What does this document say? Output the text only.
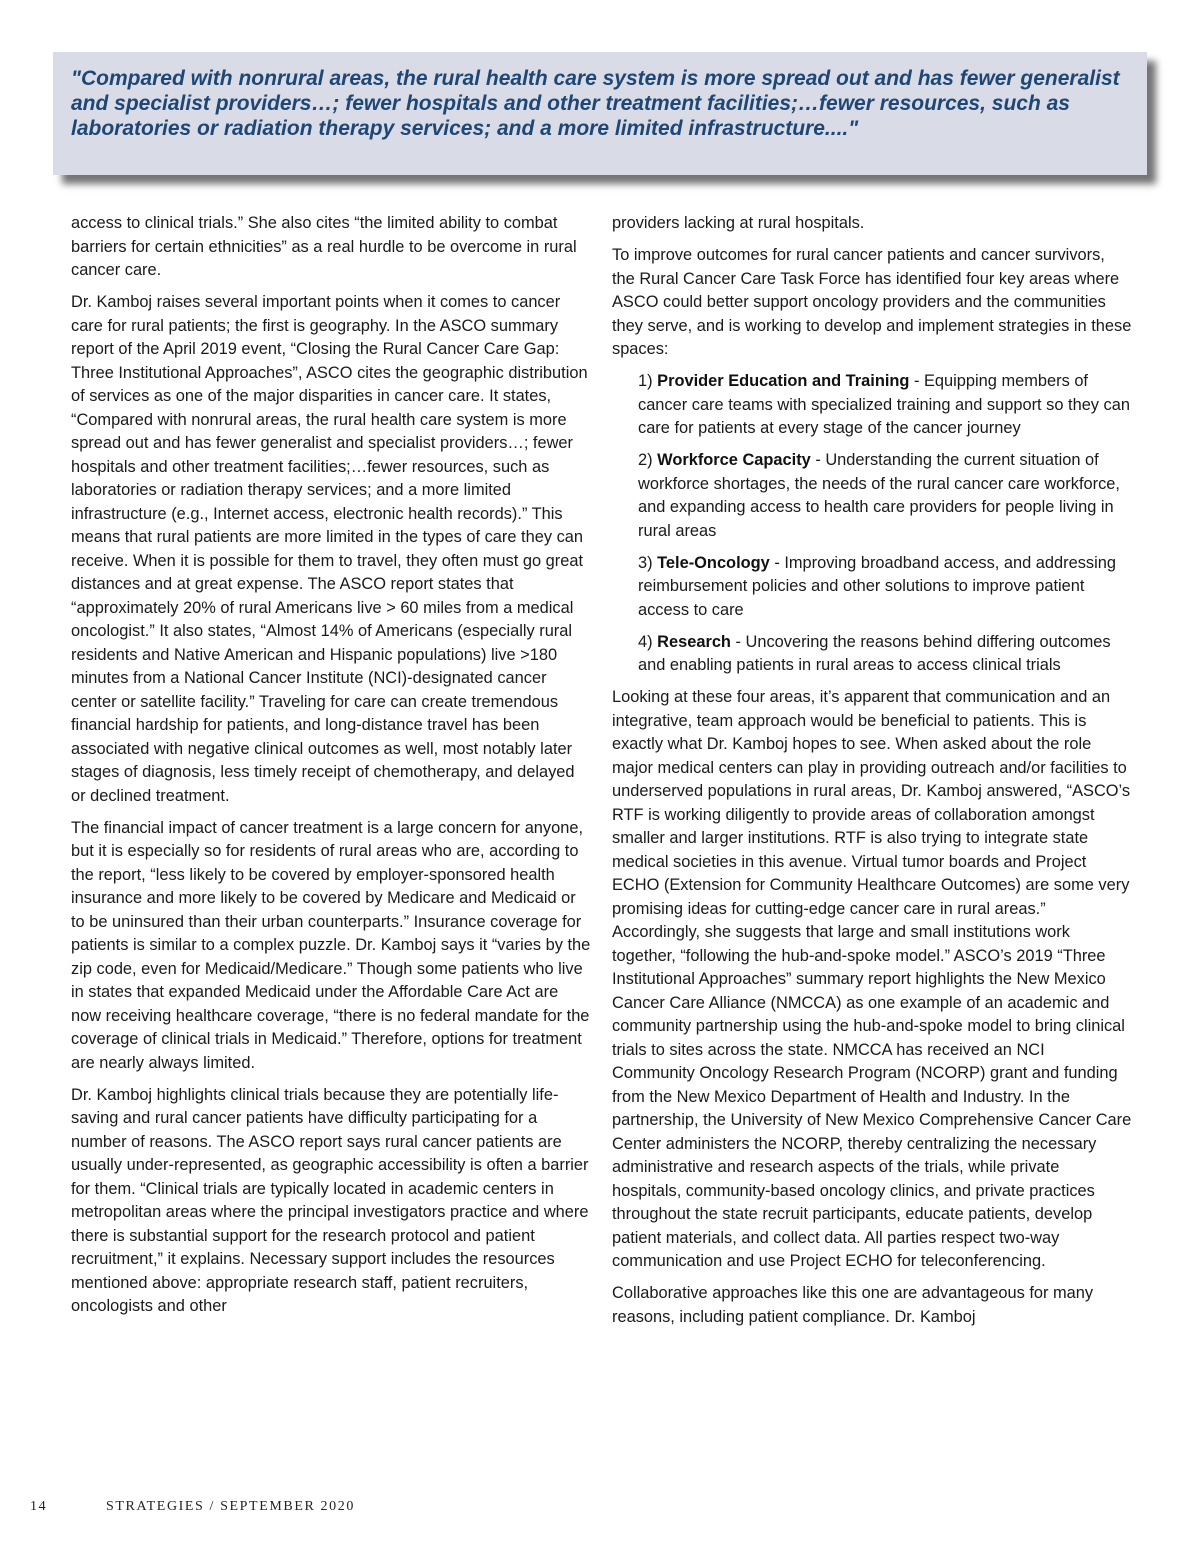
"Compared with nonrural areas, the rural health care system is more spread out and has fewer generalist and specialist providers…; fewer hospitals and other treatment facilities;…fewer resources, such as laboratories or radiation therapy services; and a more limited infrastructure...."

access to clinical trials.” She also cites “the limited ability to combat barriers for certain ethnicities” as a real hurdle to be overcome in rural cancer care.

Dr. Kamboj raises several important points when it comes to cancer care for rural patients; the first is geography. In the ASCO summary report of the April 2019 event, “Closing the Rural Cancer Care Gap: Three Institutional Approaches”, ASCO cites the geographic distribution of services as one of the major disparities in cancer care. It states, “Compared with nonrural areas, the rural health care system is more spread out and has fewer generalist and specialist providers…; fewer hospitals and other treatment facilities;…fewer resources, such as laboratories or radiation therapy services; and a more limited infrastructure (e.g., Internet access, electronic health records).” This means that rural patients are more limited in the types of care they can receive. When it is possible for them to travel, they often must go great distances and at great expense. The ASCO report states that “approximately 20% of rural Americans live > 60 miles from a medical oncologist.” It also states, “Almost 14% of Americans (especially rural residents and Native American and Hispanic populations) live >180 minutes from a National Cancer Institute (NCI)-designated cancer center or satellite facility.” Traveling for care can create tremendous financial hardship for patients, and long-distance travel has been associated with negative clinical outcomes as well, most notably later stages of diagnosis, less timely receipt of chemotherapy, and delayed or declined treatment.

The financial impact of cancer treatment is a large concern for anyone, but it is especially so for residents of rural areas who are, according to the report, “less likely to be covered by employer-sponsored health insurance and more likely to be covered by Medicare and Medicaid or to be uninsured than their urban counterparts.” Insurance coverage for patients is similar to a complex puzzle. Dr. Kamboj says it “varies by the zip code, even for Medicaid/Medicare.” Though some patients who live in states that expanded Medicaid under the Affordable Care Act are now receiving healthcare coverage, “there is no federal mandate for the coverage of clinical trials in Medicaid.” Therefore, options for treatment are nearly always limited.

Dr. Kamboj highlights clinical trials because they are potentially life-saving and rural cancer patients have difficulty participating for a number of reasons. The ASCO report says rural cancer patients are usually under-represented, as geographic accessibility is often a barrier for them. “Clinical trials are typically located in academic centers in metropolitan areas where the principal investigators practice and where there is substantial support for the research protocol and patient recruitment,” it explains. Necessary support includes the resources mentioned above: appropriate research staff, patient recruiters, oncologists and other

providers lacking at rural hospitals.

To improve outcomes for rural cancer patients and cancer survivors, the Rural Cancer Care Task Force has identified four key areas where ASCO could better support oncology providers and the communities they serve, and is working to develop and implement strategies in these spaces:

1) Provider Education and Training - Equipping members of cancer care teams with specialized training and support so they can care for patients at every stage of the cancer journey
2) Workforce Capacity - Understanding the current situation of workforce shortages, the needs of the rural cancer care workforce, and expanding access to health care providers for people living in rural areas
3) Tele-Oncology - Improving broadband access, and addressing reimbursement policies and other solutions to improve patient access to care
4) Research - Uncovering the reasons behind differing outcomes and enabling patients in rural areas to access clinical trials

Looking at these four areas, it’s apparent that communication and an integrative, team approach would be beneficial to patients. This is exactly what Dr. Kamboj hopes to see. When asked about the role major medical centers can play in providing outreach and/or facilities to underserved populations in rural areas, Dr. Kamboj answered, “ASCO’s RTF is working diligently to provide areas of collaboration amongst smaller and larger institutions. RTF is also trying to integrate state medical societies in this avenue. Virtual tumor boards and Project ECHO (Extension for Community Healthcare Outcomes) are some very promising ideas for cutting-edge cancer care in rural areas.” Accordingly, she suggests that large and small institutions work together, “following the hub-and-spoke model.” ASCO’s 2019 “Three Institutional Approaches” summary report highlights the New Mexico Cancer Care Alliance (NMCCA) as one example of an academic and community partnership using the hub-and-spoke model to bring clinical trials to sites across the state. NMCCA has received an NCI Community Oncology Research Program (NCORP) grant and funding from the New Mexico Department of Health and Industry. In the partnership, the University of New Mexico Comprehensive Cancer Care Center administers the NCORP, thereby centralizing the necessary administrative and research aspects of the trials, while private hospitals, community-based oncology clinics, and private practices throughout the state recruit participants, educate patients, develop patient materials, and collect data. All parties respect two-way communication and use Project ECHO for teleconferencing.

Collaborative approaches like this one are advantageous for many reasons, including patient compliance. Dr. Kamboj

14	STRATEGIES / SEPTEMBER 2020
